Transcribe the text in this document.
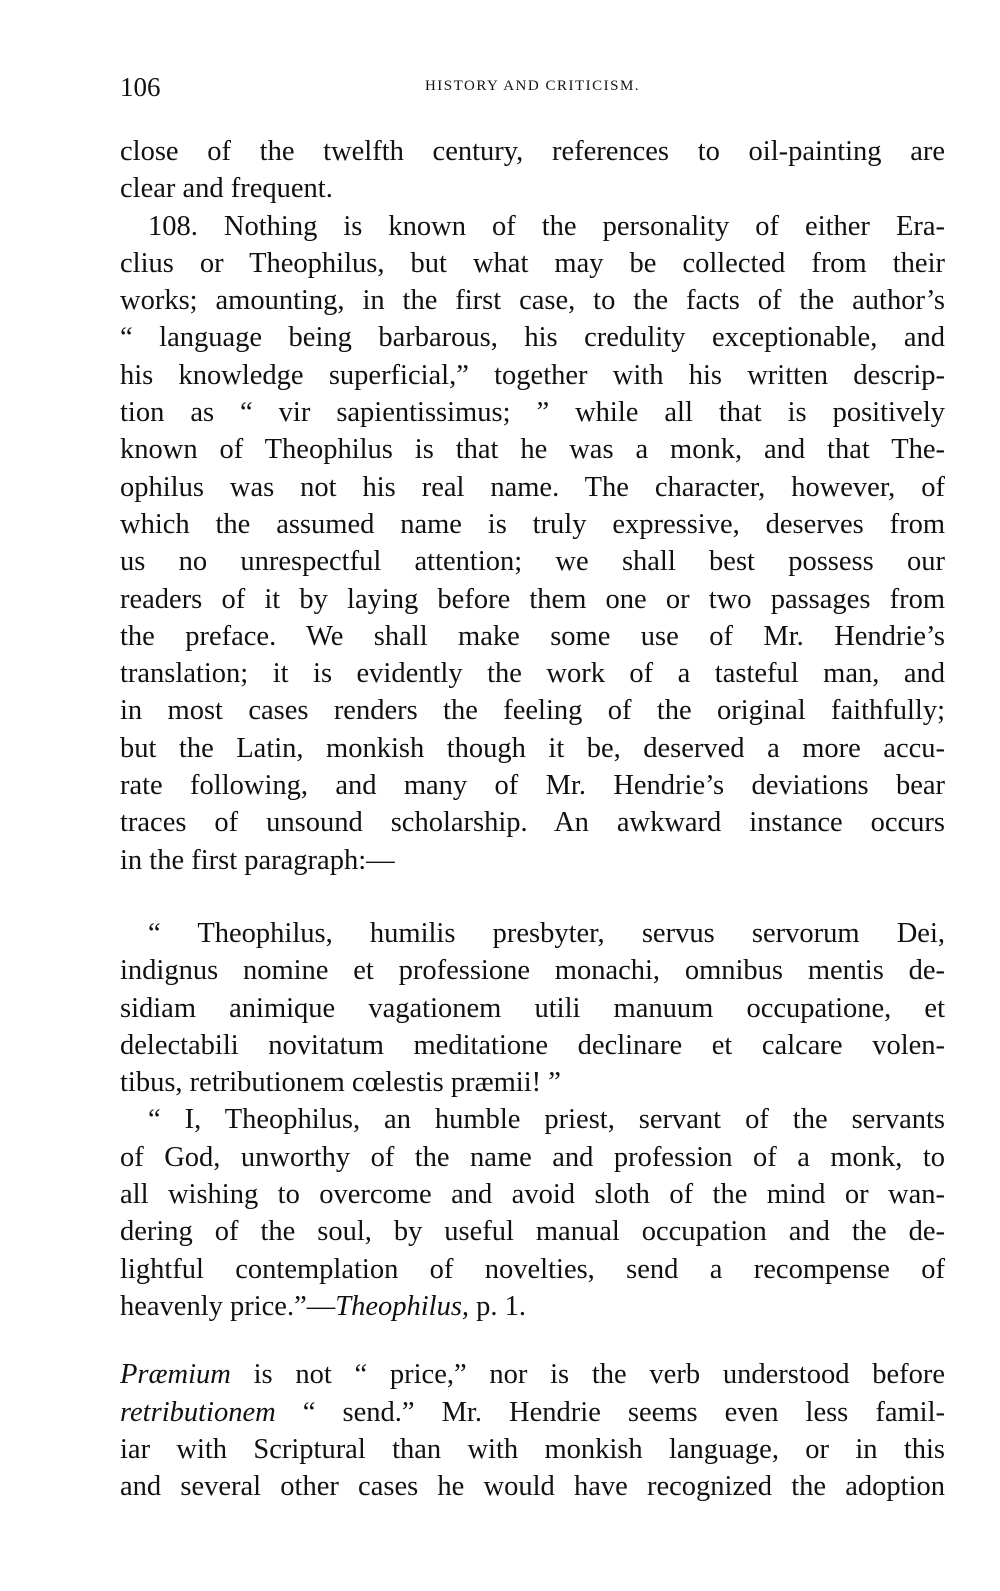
106	HISTORY AND CRITICISM.
close of the twelfth century, references to oil-painting are
clear and frequent.
108. Nothing is known of the personality of either Era-
clius or Theophilus, but what may be collected from their
works; amounting, in the first case, to the facts of the author’s
“ language being barbarous, his credulity exceptionable, and
his knowledge superficial,” together with his written descrip-
tion as “ vir sapientissimus; ” while all that is positively
known of Theophilus is that he was a monk, and that The-
ophilus was not his real name. The character, however, of
which the assumed name is truly expressive, deserves from
us no unrespectful attention; we shall best possess our
readers of it by laying before them one or two passages from
the preface. We shall make some use of Mr. Hendrie’s
translation; it is evidently the work of a tasteful man, and
in most cases renders the feeling of the original faithfully;
but the Latin, monkish though it be, deserved a more accu-
rate following, and many of Mr. Hendrie’s deviations bear
traces of unsound scholarship. An awkward instance occurs
in the first paragraph:—
“ Theophilus, humilis presbyter, servus servorum Dei,
indignus nomine et professione monachi, omnibus mentis de-
sidiam animique vagationem utili manuum occupatione, et
delectabili novitatum meditatione declinare et calcare volen-
tibus, retributionem cœlestis præmii! ”
“ I, Theophilus, an humble priest, servant of the servants
of God, unworthy of the name and profession of a monk, to
all wishing to overcome and avoid sloth of the mind or wan-
dering of the soul, by useful manual occupation and the de-
lightful contemplation of novelties, send a recompense of
heavenly price.”—Theophilus, p. 1.
Præmium is not “ price,” nor is the verb understood before
retributionem “ send.” Mr. Hendrie seems even less famil-
iar with Scriptural than with monkish language, or in this
and several other cases he would have recognized the adoption
